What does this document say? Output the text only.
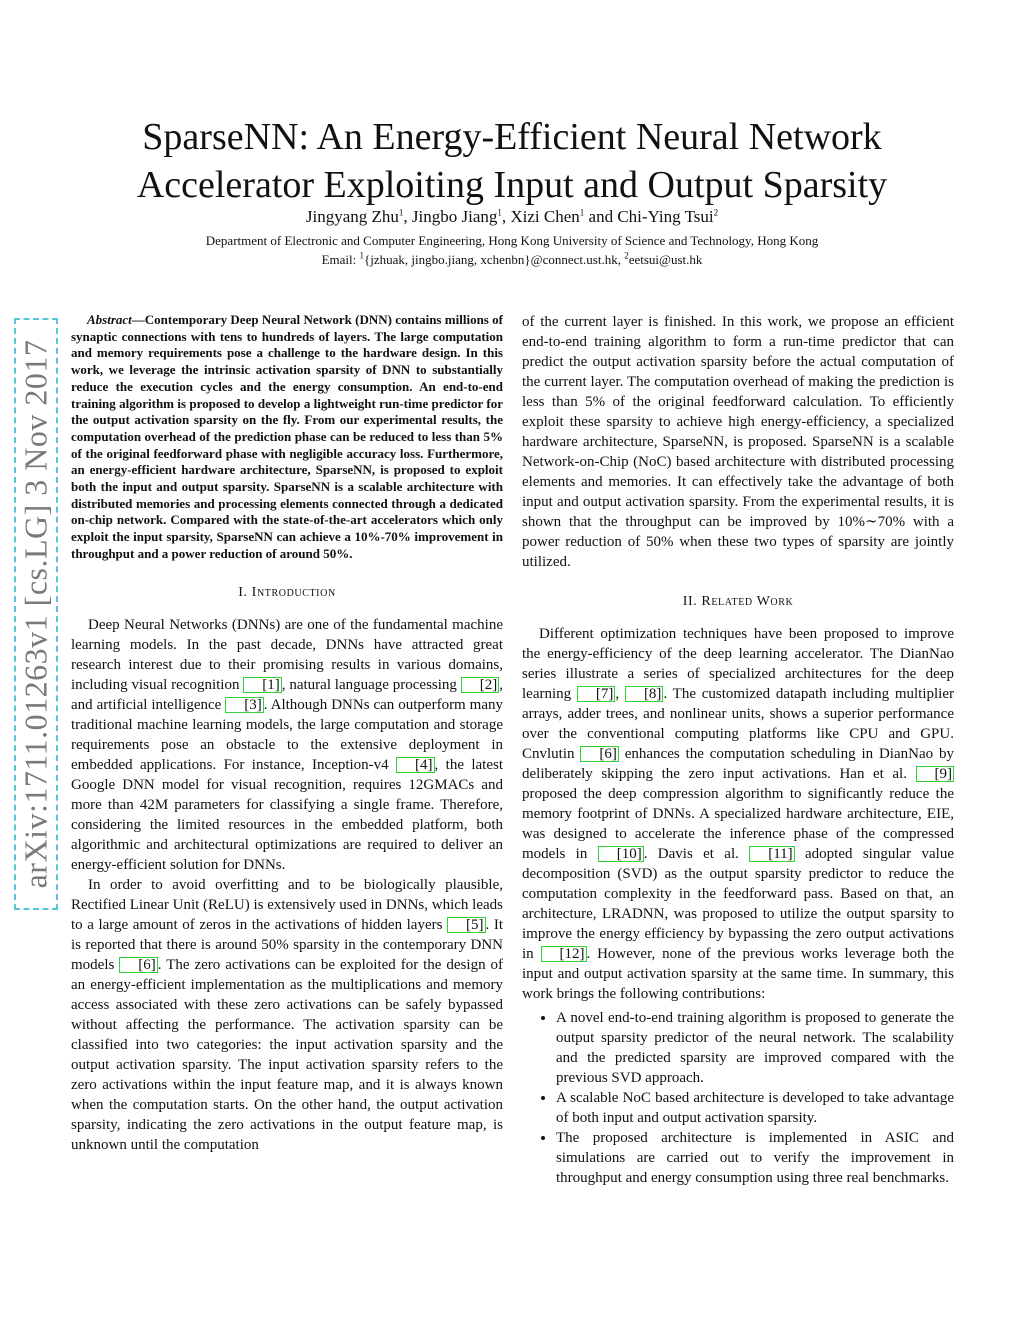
arXiv:1711.01263v1 [cs.LG] 3 Nov 2017
SparseNN: An Energy-Efficient Neural Network
Accelerator Exploiting Input and Output Sparsity
Jingyang Zhu$^1$, Jingbo Jiang$^1$, Xizi Chen$^1$ and Chi-Ying Tsui$^2$
Department of Electronic and Computer Engineering, Hong Kong University of Science and Technology, Hong Kong
Email: $^1${jzhuak, jingbo.jiang, xchenbn}@connect.ust.hk, $^2$eetsui@ust.hk

Abstract—Contemporary Deep Neural Network (DNN) contains millions of synaptic connections with tens to hundreds of layers. The large computation and memory requirements pose a challenge to the hardware design. In this work, we leverage the intrinsic activation sparsity of DNN to substantially reduce the execution cycles and the energy consumption. An end-to-end training algorithm is proposed to develop a lightweight run-time predictor for the output activation sparsity on the fly. From our experimental results, the computation overhead of the prediction phase can be reduced to less than 5% of the original feedforward phase with negligible accuracy loss. Furthermore, an energy-efficient hardware architecture, SparseNN, is proposed to exploit both the input and output sparsity. SparseNN is a scalable architecture with distributed memories and processing elements connected through a dedicated on-chip network. Compared with the state-of-the-art accelerators which only exploit the input sparsity, SparseNN can achieve a 10%-70% improvement in throughput and a power reduction of around 50%.

I. Introduction

Deep Neural Networks (DNNs) are one of the fundamental machine learning models. In the past decade, DNNs have attracted great research interest due to their promising results in various domains, including visual recognition [1] , natural language processing [2] , and artificial intelligence [3] . Although DNNs can outperform many traditional machine learning models, the large computation and storage requirements pose an obstacle to the extensive deployment in embedded applications. For instance, Inception-v4 [4] , the latest Google DNN model for visual recognition, requires 12GMACs and more than 42M parameters for classifying a single frame. Therefore, considering the limited resources in the embedded platform, both algorithmic and architectural optimizations are required to deliver an energy-efficient solution for DNNs.

In order to avoid overfitting and to be biologically plausible, Rectified Linear Unit (ReLU) is extensively used in DNNs, which leads to a large amount of zeros in the activations of hidden layers [5] . It is reported that there is around 50% sparsity in the contemporary DNN models [6] . The zero activations can be exploited for the design of an energy-efficient implementation as the multiplications and memory access associated with these zero activations can be safely bypassed without affecting the performance. The activation sparsity can be classified into two categories: the input activation sparsity and the output activation sparsity. The input activation sparsity refers to the zero activations within the input feature map, and it is always known when the computation starts. On the other hand, the output activation sparsity, indicating the zero activations in the output feature map, is unknown until the computation

of the current layer is finished. In this work, we propose an efficient end-to-end training algorithm to form a run-time predictor that can predict the output activation sparsity before the actual computation of the current layer. The computation overhead of making the prediction is less than 5% of the original feedforward calculation. To efficiently exploit these sparsity to achieve high energy-efficiency, a specialized hardware architecture, SparseNN, is proposed. SparseNN is a scalable Network-on-Chip (NoC) based architecture with distributed processing elements and memories. It can effectively take the advantage of both input and output activation sparsity. From the experimental results, it is shown that the throughput can be improved by 10%∼70% with a power reduction of 50% when these two types of sparsity are jointly utilized.

II. Related Work

Different optimization techniques have been proposed to improve the energy-efficiency of the deep learning accelerator. The DianNao series illustrate a series of specialized architectures for the deep learning [7] , [8] . The customized datapath including multiplier arrays, adder trees, and nonlinear units, shows a superior performance over the conventional computing platforms like CPU and GPU. Cnvlutin [6] enhances the computation scheduling in DianNao by deliberately skipping the zero input activations. Han et al. [9] proposed the deep compression algorithm to significantly reduce the memory footprint of DNNs. A specialized hardware architecture, EIE, was designed to accelerate the inference phase of the compressed models in [10] . Davis et al. [11] adopted singular value decomposition (SVD) as the output sparsity predictor to reduce the computation complexity in the feedforward pass. Based on that, an architecture, LRADNN, was proposed to utilize the output sparsity to improve the energy efficiency by bypassing the zero output activations in [12] . However, none of the previous works leverage both the input and output activation sparsity at the same time. In summary, this work brings the following contributions:

• A novel end-to-end training algorithm is proposed to generate the output sparsity predictor of the neural network. The scalability and the predicted sparsity are improved compared with the previous SVD approach.
• A scalable NoC based architecture is developed to take advantage of both input and output activation sparsity.
• The proposed architecture is implemented in ASIC and simulations are carried out to verify the improvement in throughput and energy consumption using three real benchmarks.
